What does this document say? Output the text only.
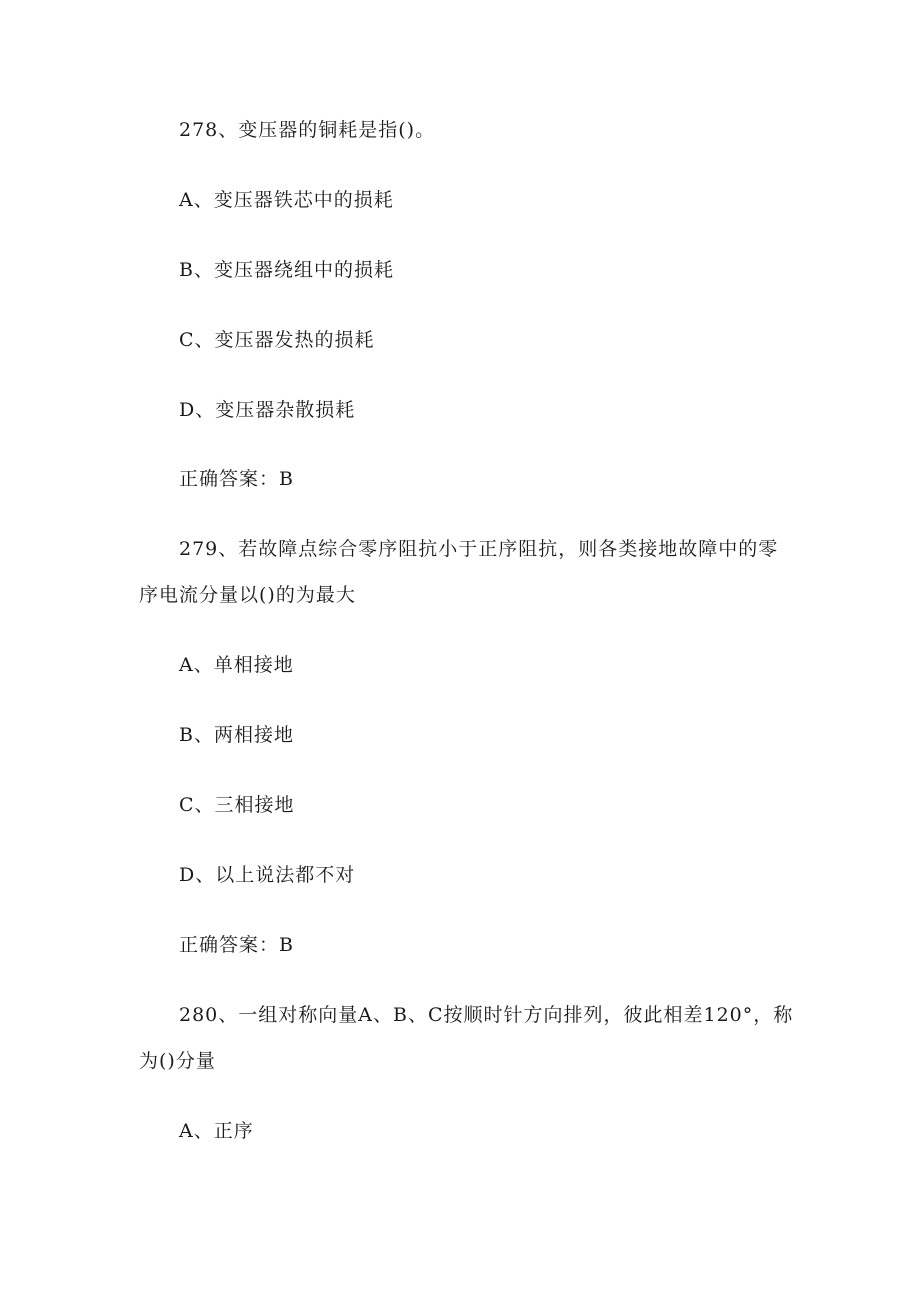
278、变压器的铜耗是指()。
A、变压器铁芯中的损耗
B、变压器绕组中的损耗
C、变压器发热的损耗
D、变压器杂散损耗
正确答案：B
279、若故障点综合零序阻抗小于正序阻抗，则各类接地故障中的零
序电流分量以()的为最大
A、单相接地
B、两相接地
C、三相接地
D、以上说法都不对
正确答案：B
280、一组对称向量A、B、C按顺时针方向排列，彼此相差120°，称
为()分量
A、正序
